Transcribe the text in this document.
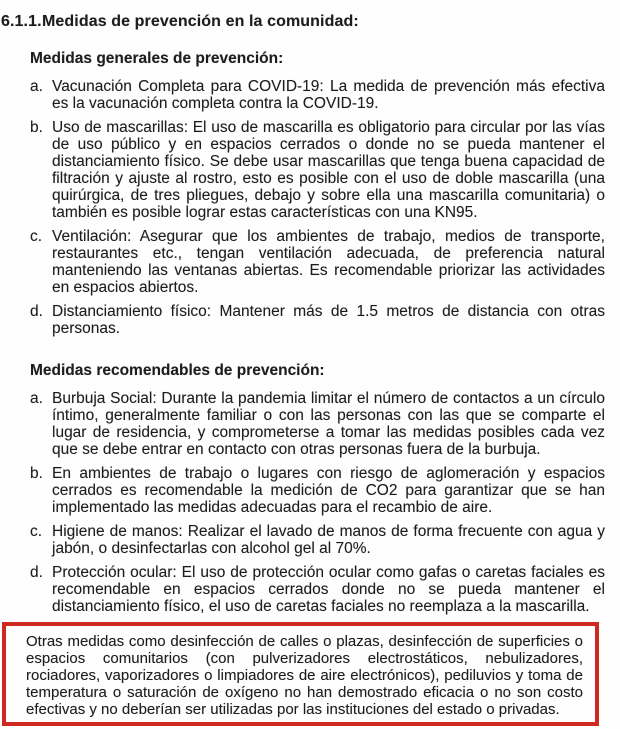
6.1.1. Medidas de prevención en la comunidad:
Medidas generales de prevención:
a. Vacunación Completa para COVID-19: La medida de prevención más efectiva es la vacunación completa contra la COVID-19.
b. Uso de mascarillas: El uso de mascarilla es obligatorio para circular por las vías de uso público y en espacios cerrados o donde no se pueda mantener el distanciamiento físico. Se debe usar mascarillas que tenga buena capacidad de filtración y ajuste al rostro, esto es posible con el uso de doble mascarilla (una quirúrgica, de tres pliegues, debajo y sobre ella una mascarilla comunitaria) o también es posible lograr estas características con una KN95.
c. Ventilación: Asegurar que los ambientes de trabajo, medios de transporte, restaurantes etc., tengan ventilación adecuada, de preferencia natural manteniendo las ventanas abiertas. Es recomendable priorizar las actividades en espacios abiertos.
d. Distanciamiento físico: Mantener más de 1.5 metros de distancia con otras personas.
Medidas recomendables de prevención:
a. Burbuja Social: Durante la pandemia limitar el número de contactos a un círculo íntimo, generalmente familiar o con las personas con las que se comparte el lugar de residencia, y comprometerse a tomar las medidas posibles cada vez que se debe entrar en contacto con otras personas fuera de la burbuja.
b. En ambientes de trabajo o lugares con riesgo de aglomeración y espacios cerrados es recomendable la medición de CO2 para garantizar que se han implementado las medidas adecuadas para el recambio de aire.
c. Higiene de manos: Realizar el lavado de manos de forma frecuente con agua y jabón, o desinfectarlas con alcohol gel al 70%.
d. Protección ocular: El uso de protección ocular como gafas o caretas faciales es recomendable en espacios cerrados donde no se pueda mantener el distanciamiento físico, el uso de caretas faciales no reemplaza a la mascarilla.
Otras medidas como desinfección de calles o plazas, desinfección de superficies o espacios comunitarios (con pulverizadores electrostáticos, nebulizadores, rociadores, vaporizadores o limpiadores de aire electrónicos), pediluvios y toma de temperatura o saturación de oxígeno no han demostrado eficacia o no son costo efectivas y no deberían ser utilizadas por las instituciones del estado o privadas.
